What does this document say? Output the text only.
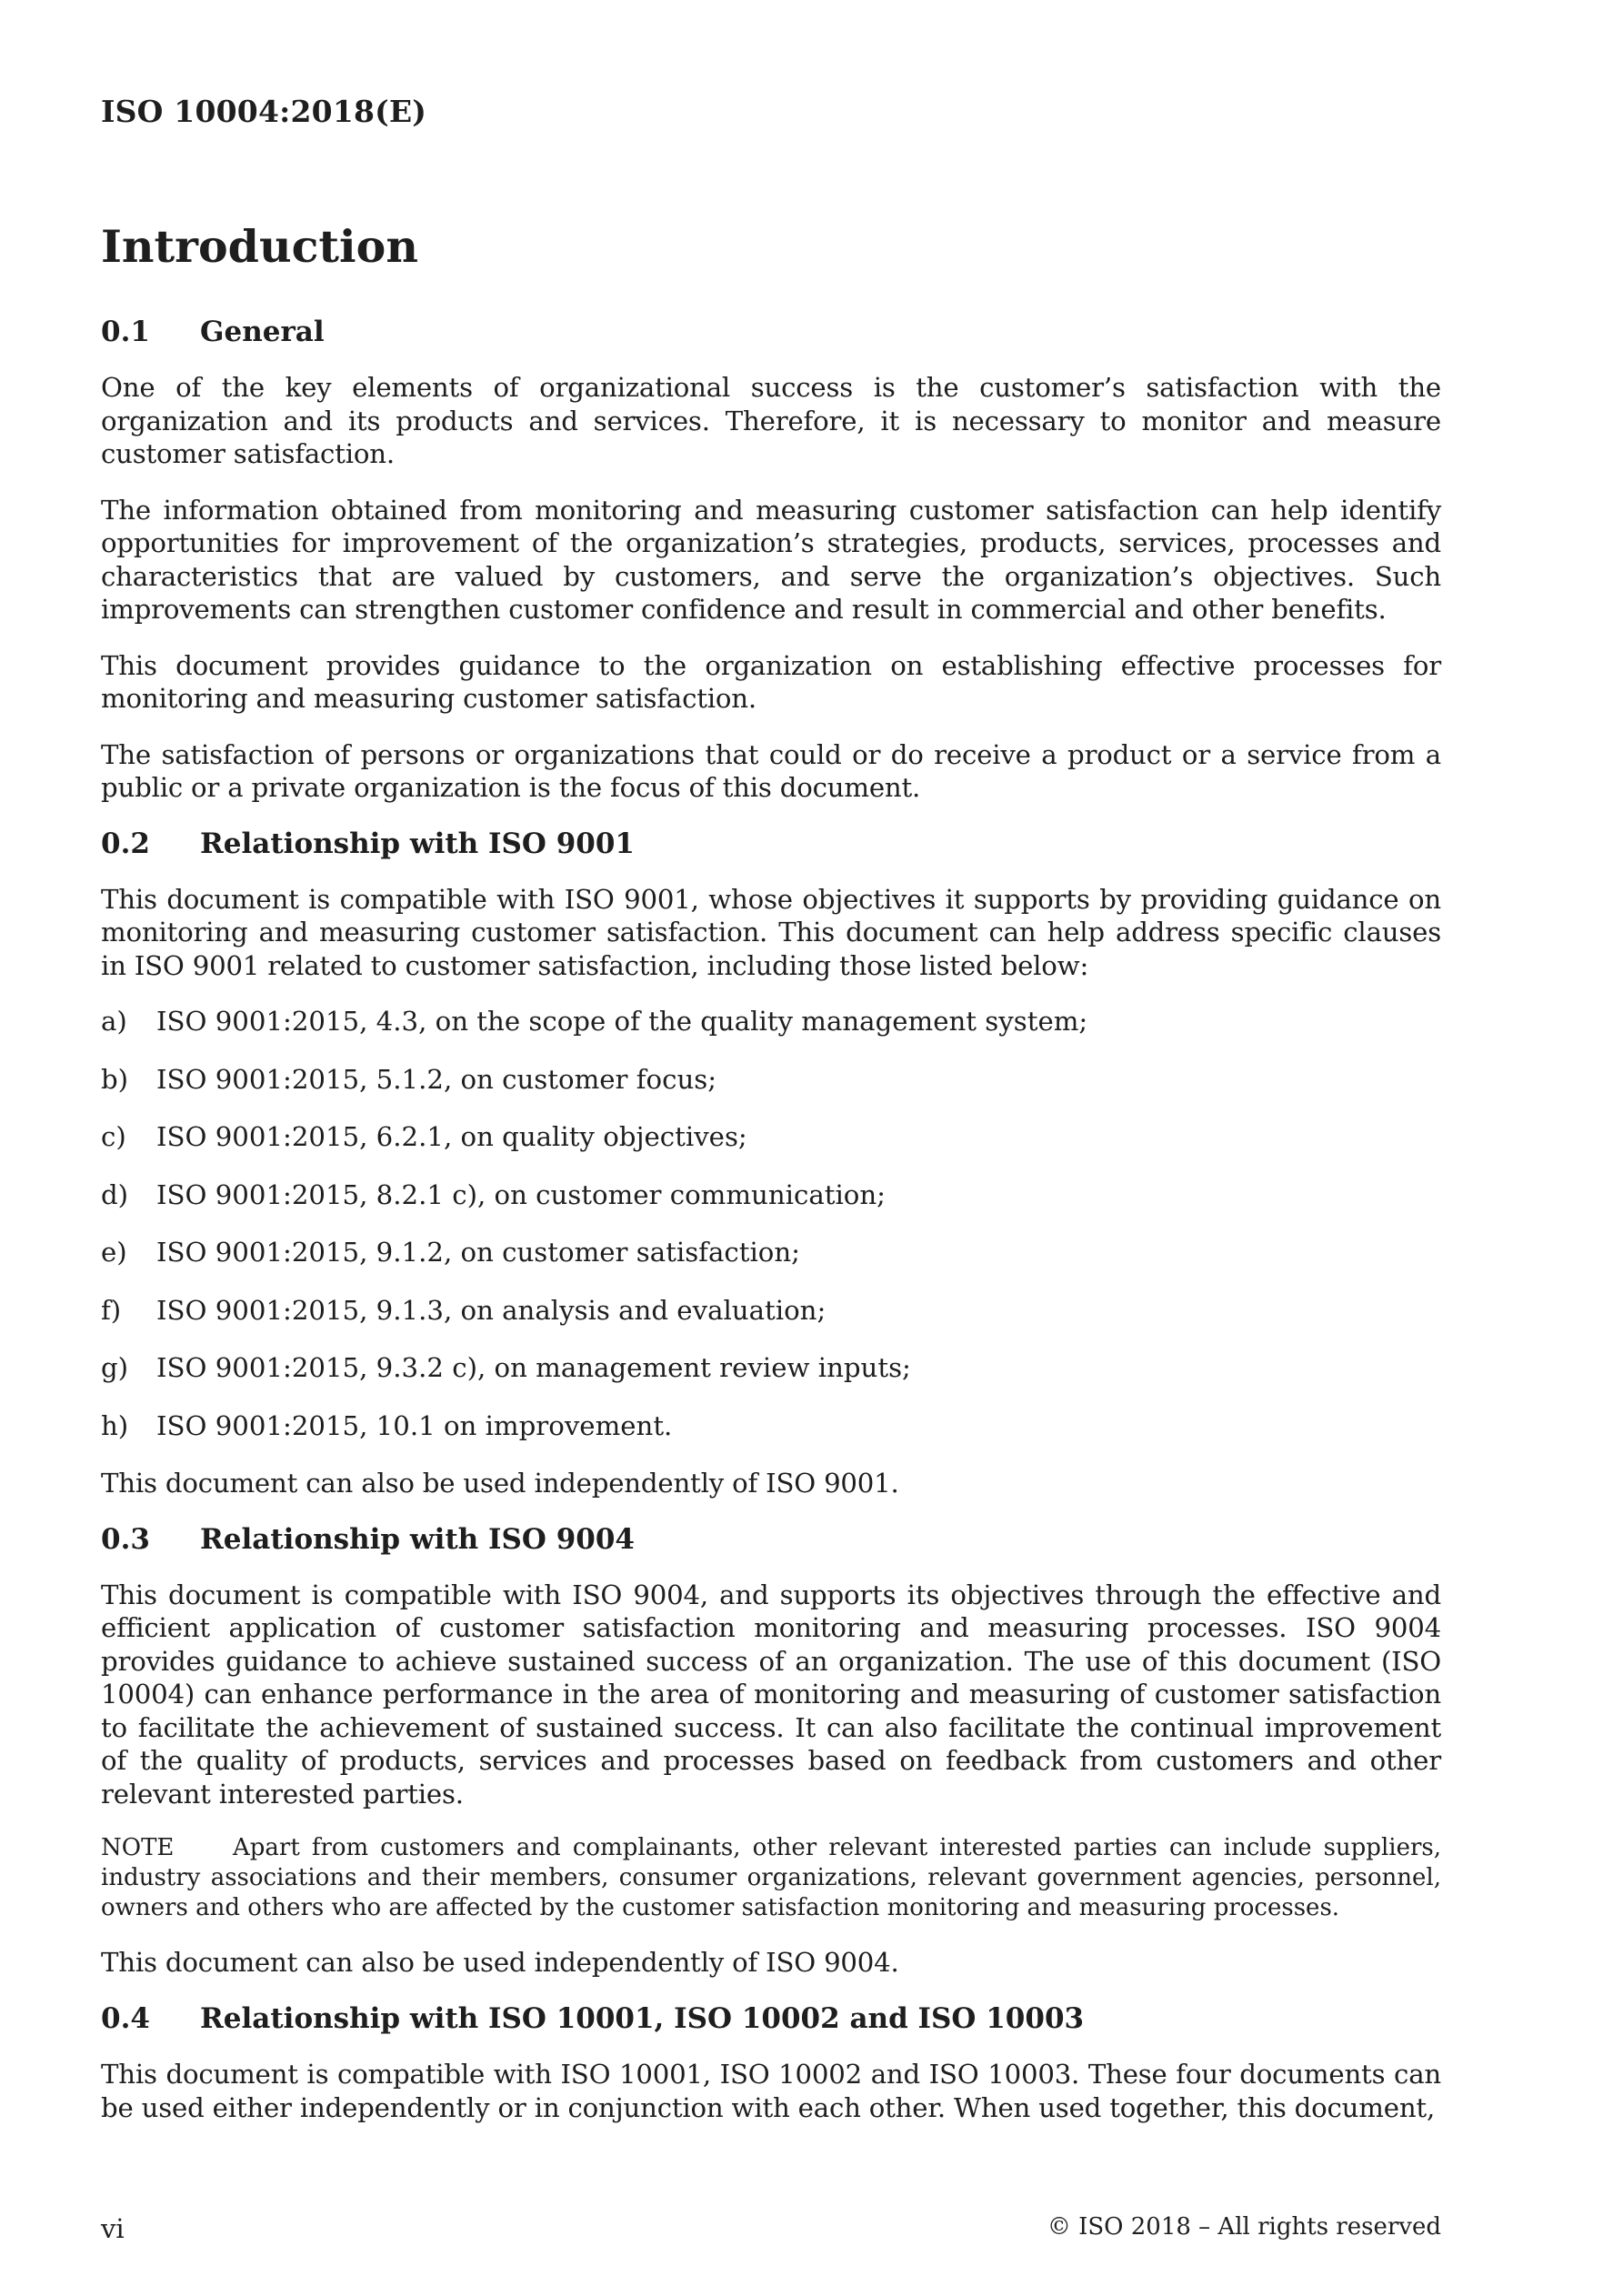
ISO 10004:2018(E)
Introduction
0.1	General

One of the key elements of organizational success is the customer’s satisfaction with the organization and its products and services. Therefore, it is necessary to monitor and measure customer satisfaction.

The information obtained from monitoring and measuring customer satisfaction can help identify opportunities for improvement of the organization’s strategies, products, services, processes and characteristics that are valued by customers, and serve the organization’s objectives. Such improvements can strengthen customer confidence and result in commercial and other benefits.

This document provides guidance to the organization on establishing effective processes for monitoring and measuring customer satisfaction.

The satisfaction of persons or organizations that could or do receive a product or a service from a public or a private organization is the focus of this document.

0.2	Relationship with ISO 9001

This document is compatible with ISO 9001, whose objectives it supports by providing guidance on monitoring and measuring customer satisfaction. This document can help address specific clauses in ISO 9001 related to customer satisfaction, including those listed below:

a)	ISO 9001:2015, 4.3, on the scope of the quality management system;
b)	ISO 9001:2015, 5.1.2, on customer focus;
c)	ISO 9001:2015, 6.2.1, on quality objectives;
d)	ISO 9001:2015, 8.2.1 c), on customer communication;
e)	ISO 9001:2015, 9.1.2, on customer satisfaction;
f)	ISO 9001:2015, 9.1.3, on analysis and evaluation;
g)	ISO 9001:2015, 9.3.2 c), on management review inputs;
h)	ISO 9001:2015, 10.1 on improvement.

This document can also be used independently of ISO 9001.

0.3	Relationship with ISO 9004

This document is compatible with ISO 9004, and supports its objectives through the effective and efficient application of customer satisfaction monitoring and measuring processes. ISO 9004 provides guidance to achieve sustained success of an organization. The use of this document (ISO 10004) can enhance performance in the area of monitoring and measuring of customer satisfaction to facilitate the achievement of sustained success. It can also facilitate the continual improvement of the quality of products, services and processes based on feedback from customers and other relevant interested parties.

NOTE Apart from customers and complainants, other relevant interested parties can include suppliers, industry associations and their members, consumer organizations, relevant government agencies, personnel, owners and others who are affected by the customer satisfaction monitoring and measuring processes.

This document can also be used independently of ISO 9004.

0.4	Relationship with ISO 10001, ISO 10002 and ISO 10003

This document is compatible with ISO 10001, ISO 10002 and ISO 10003. These four documents can be used either independently or in conjunction with each other. When used together, this document,

vi	© ISO 2018 – All rights reserved
